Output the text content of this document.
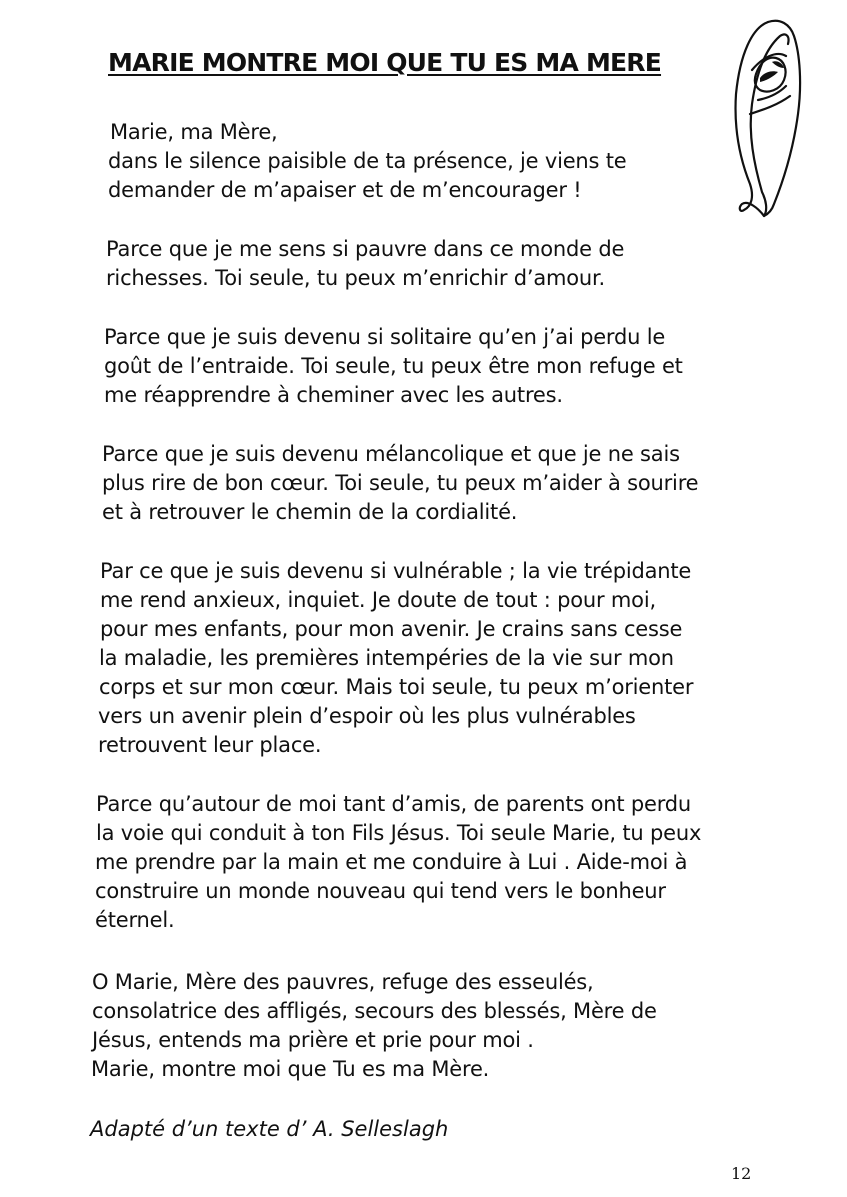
MARIE MONTRE MOI QUE TU ES MA MERE

Marie, ma Mère,

dans le silence paisible de ta présence, je viens te

demander de m’apaiser et de m’encourager !

Parce que je me sens si pauvre dans ce monde de

richesses. Toi seule, tu peux m’enrichir d’amour.

Parce que je suis devenu si solitaire qu’en j’ai perdu le

goût de l’entraide. Toi seule, tu peux être mon refuge et

me réapprendre à cheminer avec les autres.

Parce que je suis devenu mélancolique et que je ne sais

plus rire de bon cœur. Toi seule, tu peux m’aider à sourire

et à retrouver le chemin de la cordialité.

Par ce que je suis devenu si vulnérable ; la vie trépidante

me rend anxieux, inquiet. Je doute de tout : pour moi,

pour mes enfants, pour mon avenir. Je crains sans cesse

la maladie, les premières intempéries de la vie sur mon

corps et sur mon cœur. Mais toi seule, tu peux m’orienter

vers un avenir plein d’espoir où les plus vulnérables

retrouvent leur place.

Parce qu’autour de moi tant d’amis, de parents ont perdu

la voie qui conduit à ton Fils Jésus. Toi seule Marie, tu peux

me prendre par la main et me conduire à Lui . Aide-moi à

construire un monde nouveau qui tend vers le bonheur

éternel.

O Marie, Mère des pauvres, refuge des esseulés,

consolatrice des affligés, secours des blessés, Mère de

Jésus, entends ma prière et prie pour moi .

Marie, montre moi que Tu es ma Mère.

Adapté d’un texte d’ A. Selleslagh

12
